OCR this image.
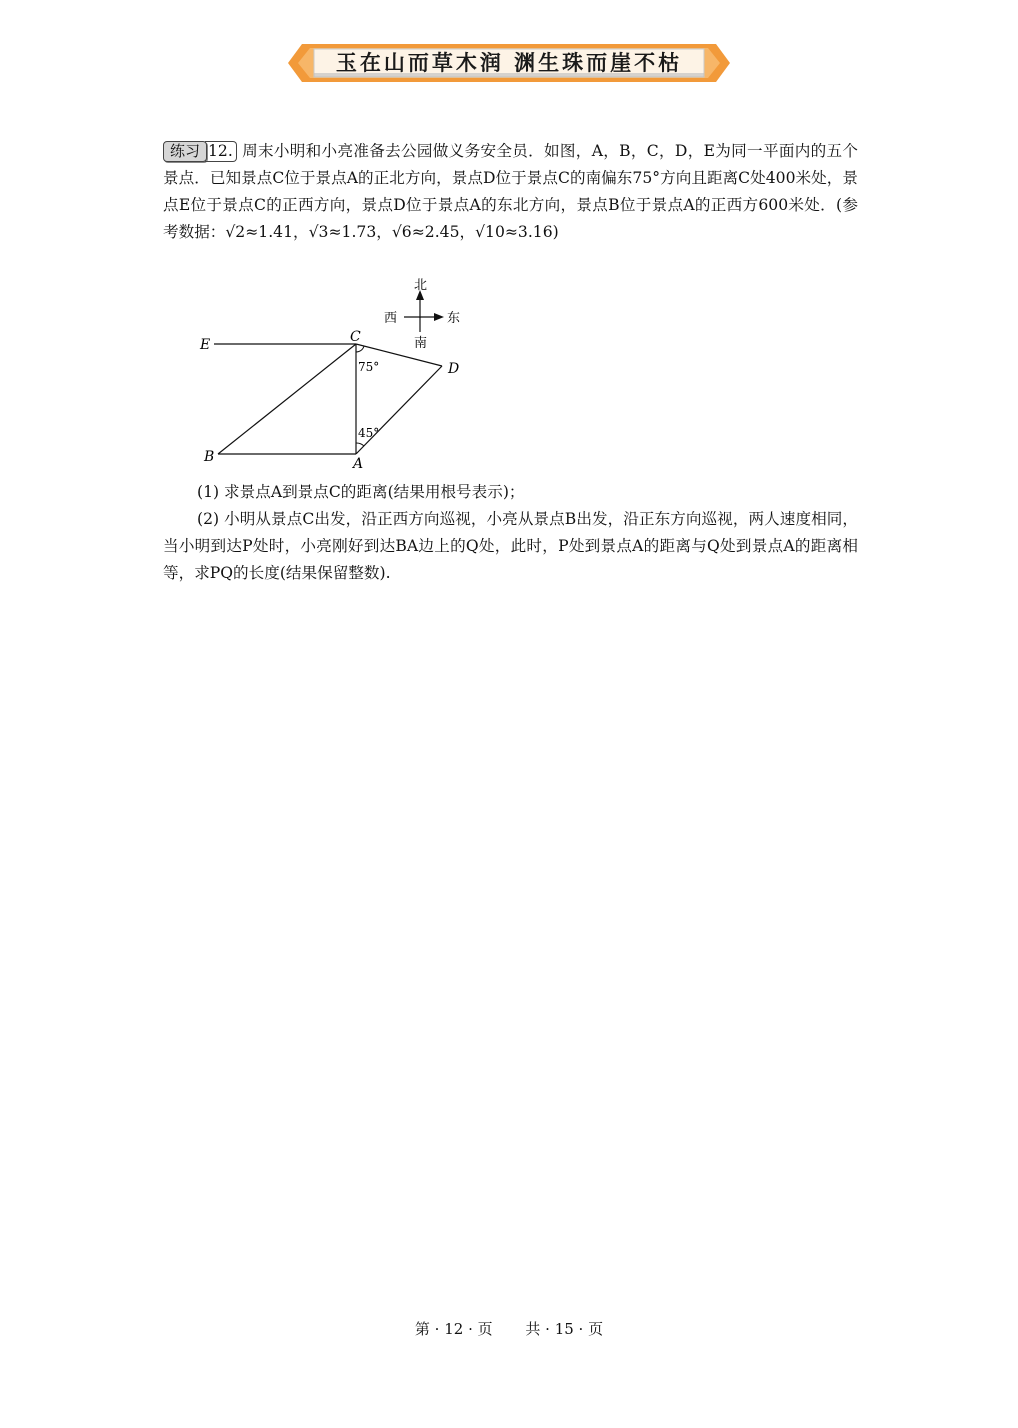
玉在山而草木润 渊生珠而崖不枯
练习 12. 周末小明和小亮准备去公园做义务安全员．如图，A，B，C，D，E为同一平面内的五个景点．已知景点C位于景点A的正北方向，景点D位于景点C的南偏东75°方向且距离C处400米处，景点E位于景点C的正西方向，景点D位于景点A的东北方向，景点B位于景点A的正西方600米处．(参考数据：√2≈1.41，√3≈1.73，√6≈2.45，√10≈3.16)
北
西	东
南
E	C
D
B	A
75°
45°
(1) 求景点A到景点C的距离(结果用根号表示)；
(2) 小明从景点C出发，沿正西方向巡视，小亮从景点B出发，沿正东方向巡视，两人速度相同，当小明到达P处时，小亮刚好到达BA边上的Q处，此时，P处到景点A的距离与Q处到景点A的距离相等，求PQ的长度(结果保留整数).
第 · 12 · 页 共 · 15 · 页
